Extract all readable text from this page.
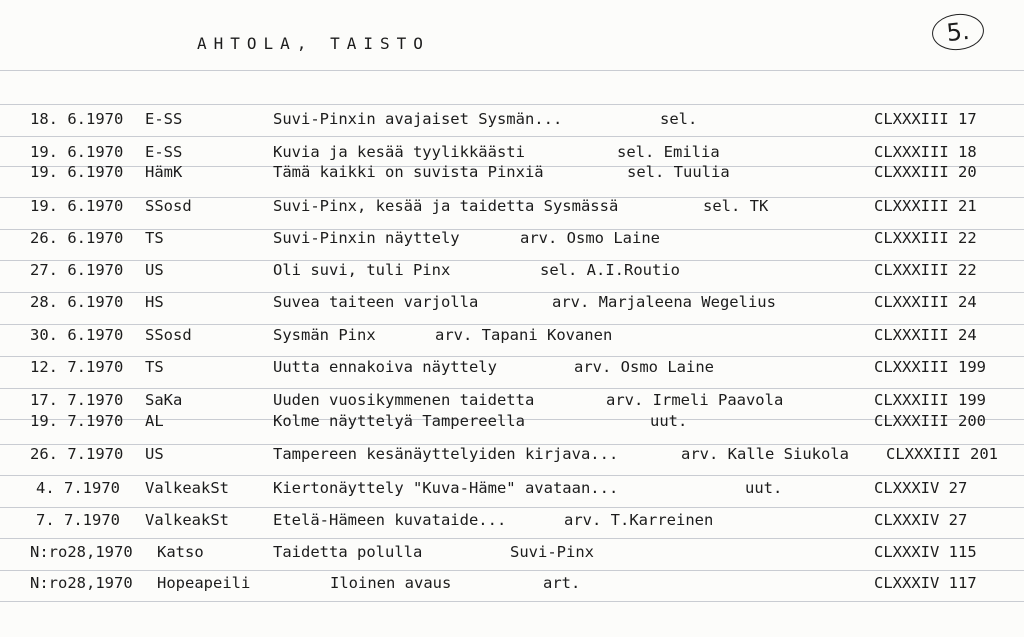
AHTOLA, TAISTO	5.
18. 6.1970 E-SS	Suvi-Pinxin avajaiset Sysmän...	sel.	CLXXXIII 17
19. 6.1970 E-SS	Kuvia ja kesää tyylikkäästi	sel. Emilia	CLXXXIII 18
19. 6.1970 HämK	Tämä kaikki on suvista Pinxiä	sel. Tuulia	CLXXXIII 20
19. 6.1970 SSosd	Suvi-Pinx, kesää ja taidetta Sysmässä	sel. TK	CLXXXIII 21
26. 6.1970 TS	Suvi-Pinxin näyttely	arv. Osmo Laine	CLXXXIII 22
27. 6.1970 US	Oli suvi, tuli Pinx	sel. A.I.Routio	CLXXXIII 22
28. 6.1970 HS	Suvea taiteen varjolla	arv. Marjaleena Wegelius	CLXXXIII 24
30. 6.1970 SSosd	Sysmän Pinx	arv. Tapani Kovanen	CLXXXIII 24
12. 7.1970 TS	Uutta ennakoiva näyttely	arv. Osmo Laine	CLXXXIII 199
17. 7.1970 SaKa	Uuden vuosikymmenen taidetta	arv. Irmeli Paavola	CLXXXIII 199
19. 7.1970 AL	Kolme näyttelyä Tampereella	uut.	CLXXXIII 200
26. 7.1970 US	Tampereen kesänäyttelyiden kirjava...	arv. Kalle Siukola CLXXXIII 201
4. 7.1970 ValkeakSt	Kiertonäyttely "Kuva-Häme" avataan...	uut.	CLXXXIV 27
7. 7.1970 ValkeakSt	Etelä-Hämeen kuvataide...	arv. T.Karreinen	CLXXXIV 27
N:ro28,1970 Katso	Taidetta polulla	Suvi-Pinx	CLXXXIV 115
N:ro28,1970 Hopeapeili	Iloinen avaus	art.	CLXXXIV 117
